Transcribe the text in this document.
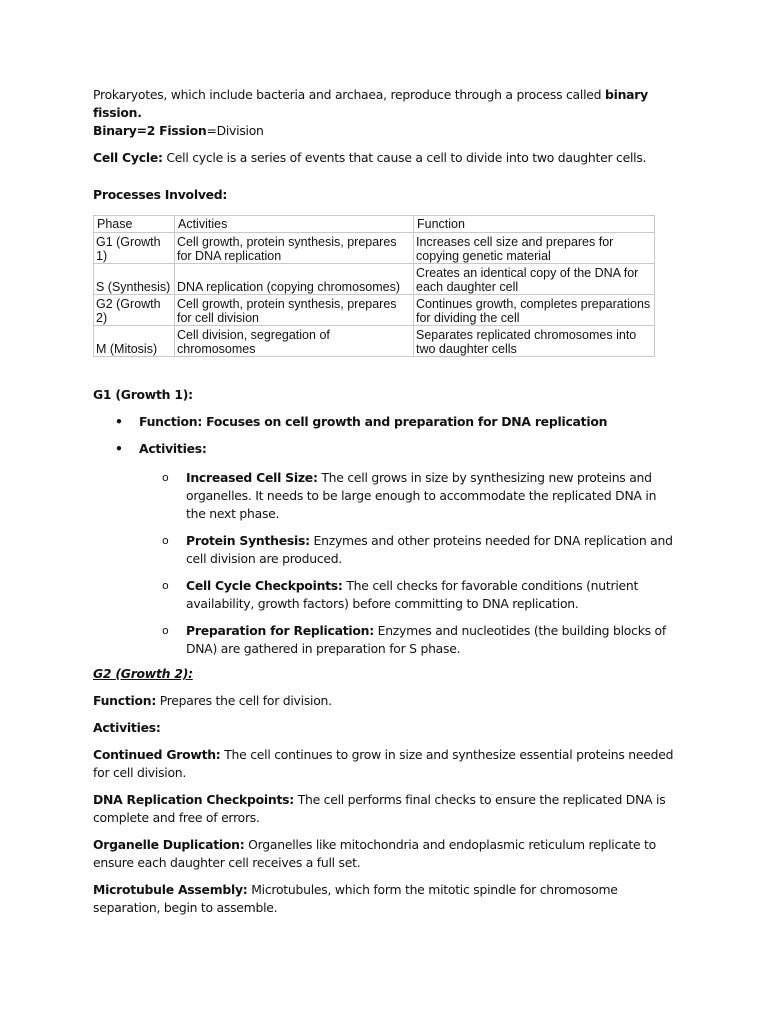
Prokaryotes, which include bacteria and archaea, reproduce through a process called binary fission.
Binary=2 Fission=Division

Cell Cycle: Cell cycle is a series of events that cause a cell to divide into two daughter cells.

Processes Involved:

Phase	Activities	Function
G1 (Growth 1)	Cell growth, protein synthesis, prepares for DNA replication	Increases cell size and prepares for copying genetic material
S (Synthesis)	DNA replication (copying chromosomes)	Creates an identical copy of the DNA for each daughter cell
G2 (Growth 2)	Cell growth, protein synthesis, prepares for cell division	Continues growth, completes preparations for dividing the cell
M (Mitosis)	Cell division, segregation of chromosomes	Separates replicated chromosomes into two daughter cells

G1 (Growth 1):

• Function: Focuses on cell growth and preparation for DNA replication
• Activities:
o Increased Cell Size: The cell grows in size by synthesizing new proteins and organelles. It needs to be large enough to accommodate the replicated DNA in the next phase.
o Protein Synthesis: Enzymes and other proteins needed for DNA replication and cell division are produced.
o Cell Cycle Checkpoints: The cell checks for favorable conditions (nutrient availability, growth factors) before committing to DNA replication.
o Preparation for Replication: Enzymes and nucleotides (the building blocks of DNA) are gathered in preparation for S phase.

G2 (Growth 2):

Function: Prepares the cell for division.

Activities:

Continued Growth: The cell continues to grow in size and synthesize essential proteins needed for cell division.

DNA Replication Checkpoints: The cell performs final checks to ensure the replicated DNA is complete and free of errors.

Organelle Duplication: Organelles like mitochondria and endoplasmic reticulum replicate to ensure each daughter cell receives a full set.

Microtubule Assembly: Microtubules, which form the mitotic spindle for chromosome separation, begin to assemble.
